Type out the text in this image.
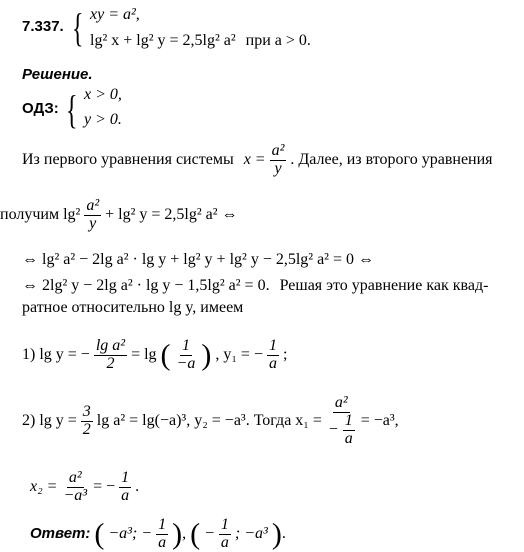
7.337. { xy = a²,
lg² x + lg² y = 2,5lg² a² при a > 0.
Решение.
ОДЗ: { x > 0,
y > 0.
Из первого уравнения системы $x = \frac{\text{a²}}{y}$ . Далее, из второго уравнения
получим $\lg^2 \frac{\text{a²}}{y} + \lg^2$ y = 2,5lg² a² ⇔
⇔ lg² a² − 2lg a² · lg y + lg² y + lg² y − 2,5lg² a² = 0 ⇔
⇔ 2lg² y − 2lg a² · lg y − 1,5lg² a² = 0. Решая это уравнение как квад-
ратное относительно lg y, имеем
1) lg y = − $\frac{\text{lg a²}}{2} = \lg$ ( $\frac{1}{-a}$ ) , y₁ = − $\frac{1}{a}$ ;
2) $\lg y = \frac{3}{2}$ lg a² = lg(−a)³, y₂ = −a³. Тогда $x_1 = \frac{\text{a²}}{- \frac{1}{a}} = -a^3$,
$x_2 = \frac{\text{a²}}{\text{−a³}}$ = − $\frac{1}{a}$ .
Ответ: ( −a³; − $\frac{1}{a}$ ), ( − $\frac{1}{a}$ ; −a³ ).
